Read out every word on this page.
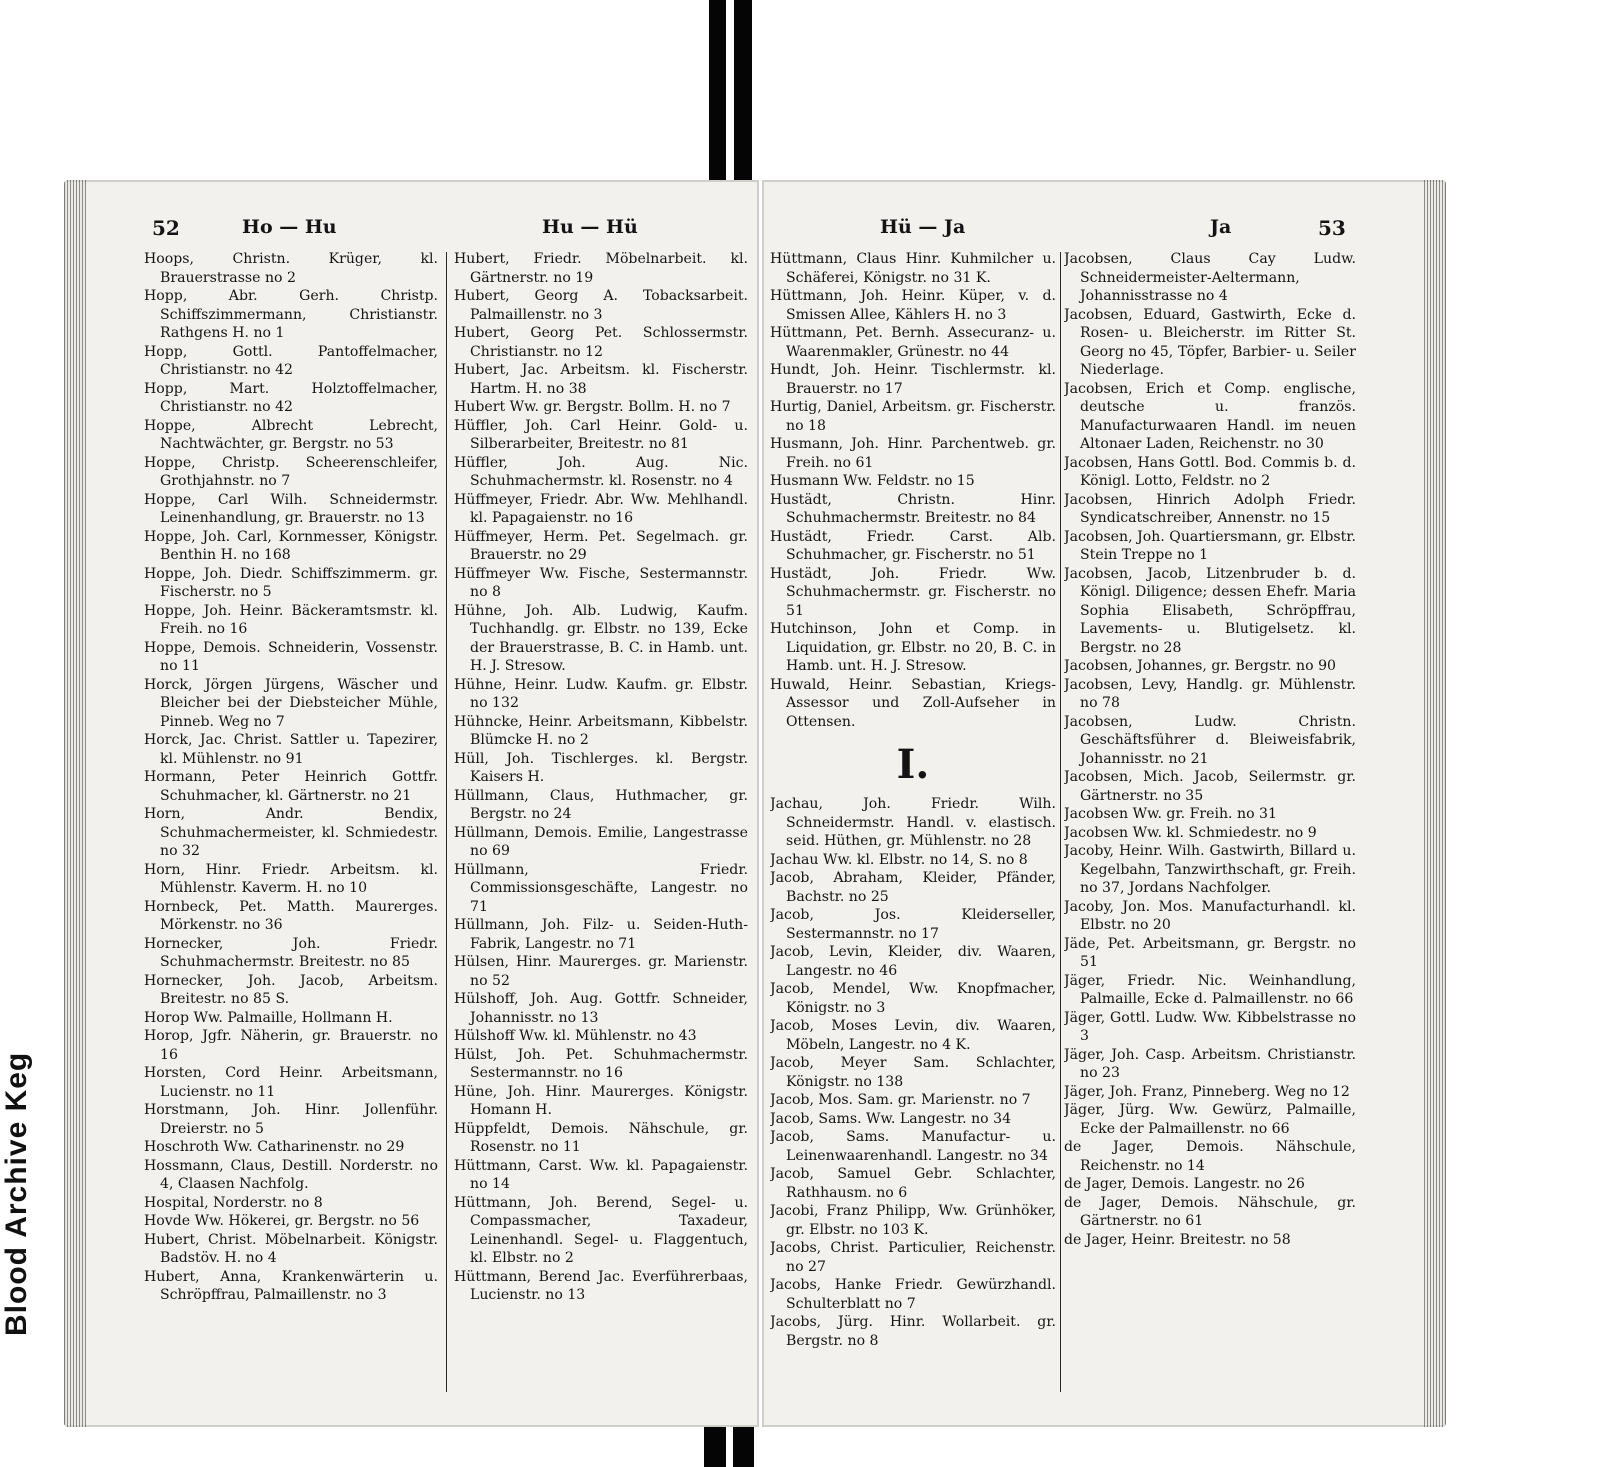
Blood Archive Keg
52	Ho — Hu	Hu — Hü
Hoops, Christn. Krüger, kl. Brauerstrasse no 2
Hopp, Abr. Gerh. Christp. Schiffszimmermann, Christianstr. Rathgens H. no 1
Hopp, Gottl. Pantoffelmacher, Christianstr. no 42
Hopp, Mart. Holztoffelmacher, Christianstr. no 42
Hoppe, Albrecht Lebrecht, Nachtwächter, gr. Bergstr. no 53
Hoppe, Christp. Scheerenschleifer, Grothjahnstr. no 7
Hoppe, Carl Wilh. Schneidermstr. Leinenhandlung, gr. Brauerstr. no 13
Hoppe, Joh. Carl, Kornmesser, Königstr. Benthin H. no 168
Hoppe, Joh. Diedr. Schiffszimmerm. gr. Fischerstr. no 5
Hoppe, Joh. Heinr. Bäckeramtsmstr. kl. Freih. no 16
Hoppe, Demois. Schneiderin, Vossenstr. no 11
Horck, Jörgen Jürgens, Wäscher und Bleicher bei der Diebsteicher Mühle, Pinneb. Weg no 7
Horck, Jac. Christ. Sattler u. Tapezirer, kl. Mühlenstr. no 91
Hormann, Peter Heinrich Gottfr. Schuhmacher, kl. Gärtnerstr. no 21
Horn, Andr. Bendix, Schuhmachermeister, kl. Schmiedestr. no 32
Horn, Hinr. Friedr. Arbeitsm. kl. Mühlenstr. Kaverm. H. no 10
Hornbeck, Pet. Matth. Maurerges. Mörkenstr. no 36
Hornecker, Joh. Friedr. Schuhmachermstr. Breitestr. no 85
Hornecker, Joh. Jacob, Arbeitsm. Breitestr. no 85 S.
Horop Ww. Palmaille, Hollmann H.
Horop, Jgfr. Näherin, gr. Brauerstr. no 16
Horsten, Cord Heinr. Arbeitsmann, Lucienstr. no 11
Horstmann, Joh. Hinr. Jollenführ. Dreierstr. no 5
Hoschroth Ww. Catharinenstr. no 29
Hossmann, Claus, Destill. Norderstr. no 4, Claasen Nachfolg.
Hospital, Norderstr. no 8
Hovde Ww. Hökerei, gr. Bergstr. no 56
Hubert, Christ. Möbelnarbeit. Königstr. Badstöv. H. no 4
Hubert, Anna, Krankenwärterin u. Schröpffrau, Palmaillenstr. no 3
Hubert, Friedr. Möbelnarbeit. kl. Gärtnerstr. no 19
Hubert, Georg A. Tobacksarbeit. Palmaillenstr. no 3
Hubert, Georg Pet. Schlossermstr. Christianstr. no 12
Hubert, Jac. Arbeitsm. kl. Fischerstr. Hartm. H. no 38
Hubert Ww. gr. Bergstr. Bollm. H. no 7
Hüffler, Joh. Carl Heinr. Gold- u. Silberarbeiter, Breitestr. no 81
Hüffler, Joh. Aug. Nic. Schuhmachermstr. kl. Rosenstr. no 4
Hüffmeyer, Friedr. Abr. Ww. Mehlhandl. kl. Papagaienstr. no 16
Hüffmeyer, Herm. Pet. Segelmach. gr. Brauerstr. no 29
Hüffmeyer Ww. Fische, Sestermannstr. no 8
Hühne, Joh. Alb. Ludwig, Kaufm. Tuchhandlg. gr. Elbstr. no 139, Ecke der Brauerstrasse, B. C. in Hamb. unt. H. J. Stresow.
Hühne, Heinr. Ludw. Kaufm. gr. Elbstr. no 132
Hühncke, Heinr. Arbeitsmann, Kibbelstr. Blümcke H. no 2
Hüll, Joh. Tischlerges. kl. Bergstr. Kaisers H.
Hüllmann, Claus, Huthmacher, gr. Bergstr. no 24
Hüllmann, Demois. Emilie, Langestrasse no 69
Hüllmann, Friedr. Commissionsgeschäfte, Langestr. no 71
Hüllmann, Joh. Filz- u. Seiden-Huth-Fabrik, Langestr. no 71
Hülsen, Hinr. Maurerges. gr. Marienstr. no 52
Hülshoff, Joh. Aug. Gottfr. Schneider, Johannisstr. no 13
Hülshoff Ww. kl. Mühlenstr. no 43
Hülst, Joh. Pet. Schuhmachermstr. Sestermannstr. no 16
Hüne, Joh. Hinr. Maurerges. Königstr. Homann H.
Hüppfeldt, Demois. Nähschule, gr. Rosenstr. no 11
Hüttmann, Carst. Ww. kl. Papagaienstr. no 14
Hüttmann, Joh. Berend, Segel- u. Compassmacher, Taxadeur, Leinenhandl. Segel- u. Flaggentuch, kl. Elbstr. no 2
Hüttmann, Berend Jac. Everführerbaas, Lucienstr. no 13
Hü — Ja	Ja	53
Hüttmann, Claus Hinr. Kuhmilcher u. Schäferei, Königstr. no 31 K.
Hüttmann, Joh. Heinr. Küper, v. d. Smissen Allee, Kählers H. no 3
Hüttmann, Pet. Bernh. Assecuranz- u. Waarenmakler, Grünestr. no 44
Hundt, Joh. Heinr. Tischlermstr. kl. Brauerstr. no 17
Hurtig, Daniel, Arbeitsm. gr. Fischerstr. no 18
Husmann, Joh. Hinr. Parchentweb. gr. Freih. no 61
Husmann Ww. Feldstr. no 15
Hustädt, Christn. Hinr. Schuhmachermstr. Breitestr. no 84
Hustädt, Friedr. Carst. Alb. Schuhmacher, gr. Fischerstr. no 51
Hustädt, Joh. Friedr. Ww. Schuhmachermstr. gr. Fischerstr. no 51
Hutchinson, John et Comp. in Liquidation, gr. Elbstr. no 20, B. C. in Hamb. unt. H. J. Stresow.
Huwald, Heinr. Sebastian, Kriegs-Assessor und Zoll-Aufseher in Ottensen.
I.
Jachau, Joh. Friedr. Wilh. Schneidermstr. Handl. v. elastisch. seid. Hüthen, gr. Mühlenstr. no 28
Jachau Ww. kl. Elbstr. no 14, S. no 8
Jacob, Abraham, Kleider, Pfänder, Bachstr. no 25
Jacob, Jos. Kleiderseller, Sestermannstr. no 17
Jacob, Levin, Kleider, div. Waaren, Langestr. no 46
Jacob, Mendel, Ww. Knopfmacher, Königstr. no 3
Jacob, Moses Levin, div. Waaren, Möbeln, Langestr. no 4 K.
Jacob, Meyer Sam. Schlachter, Königstr. no 138
Jacob, Mos. Sam. gr. Marienstr. no 7
Jacob, Sams. Ww. Langestr. no 34
Jacob, Sams. Manufactur- u. Leinenwaarenhandl. Langestr. no 34
Jacob, Samuel Gebr. Schlachter, Rathhausm. no 6
Jacobi, Franz Philipp, Ww. Grünhöker, gr. Elbstr. no 103 K.
Jacobs, Christ. Particulier, Reichenstr. no 27
Jacobs, Hanke Friedr. Gewürzhandl. Schulterblatt no 7
Jacobs, Jürg. Hinr. Wollarbeit. gr. Bergstr. no 8
Jacobsen, Claus Cay Ludw. Schneidermeister-Aeltermann, Johannisstrasse no 4
Jacobsen, Eduard, Gastwirth, Ecke d. Rosen- u. Bleicherstr. im Ritter St. Georg no 45, Töpfer, Barbier- u. Seiler Niederlage.
Jacobsen, Erich et Comp. englische, deutsche u. französ. Manufacturwaaren Handl. im neuen Altonaer Laden, Reichenstr. no 30
Jacobsen, Hans Gottl. Bod. Commis b. d. Königl. Lotto, Feldstr. no 2
Jacobsen, Hinrich Adolph Friedr. Syndicatschreiber, Annenstr. no 15
Jacobsen, Joh. Quartiersmann, gr. Elbstr. Stein Treppe no 1
Jacobsen, Jacob, Litzenbruder b. d. Königl. Diligence; dessen Ehefr. Maria Sophia Elisabeth, Schröpffrau, Lavements- u. Blutigelsetz. kl. Bergstr. no 28
Jacobsen, Johannes, gr. Bergstr. no 90
Jacobsen, Levy, Handlg. gr. Mühlenstr. no 78
Jacobsen, Ludw. Christn. Geschäftsführer d. Bleiweisfabrik, Johannisstr. no 21
Jacobsen, Mich. Jacob, Seilermstr. gr. Gärtnerstr. no 35
Jacobsen Ww. gr. Freih. no 31
Jacobsen Ww. kl. Schmiedestr. no 9
Jacoby, Heinr. Wilh. Gastwirth, Billard u. Kegelbahn, Tanzwirthschaft, gr. Freih. no 37, Jordans Nachfolger.
Jacoby, Jon. Mos. Manufacturhandl. kl. Elbstr. no 20
Jäde, Pet. Arbeitsmann, gr. Bergstr. no 51
Jäger, Friedr. Nic. Weinhandlung, Palmaille, Ecke d. Palmaillenstr. no 66
Jäger, Gottl. Ludw. Ww. Kibbelstrasse no 3
Jäger, Joh. Casp. Arbeitsm. Christianstr. no 23
Jäger, Joh. Franz, Pinneberg. Weg no 12
Jäger, Jürg. Ww. Gewürz, Palmaille, Ecke der Palmaillenstr. no 66
de Jager, Demois. Nähschule, Reichenstr. no 14
de Jager, Demois. Langestr. no 26
de Jager, Demois. Nähschule, gr. Gärtnerstr. no 61
de Jager, Heinr. Breitestr. no 58
